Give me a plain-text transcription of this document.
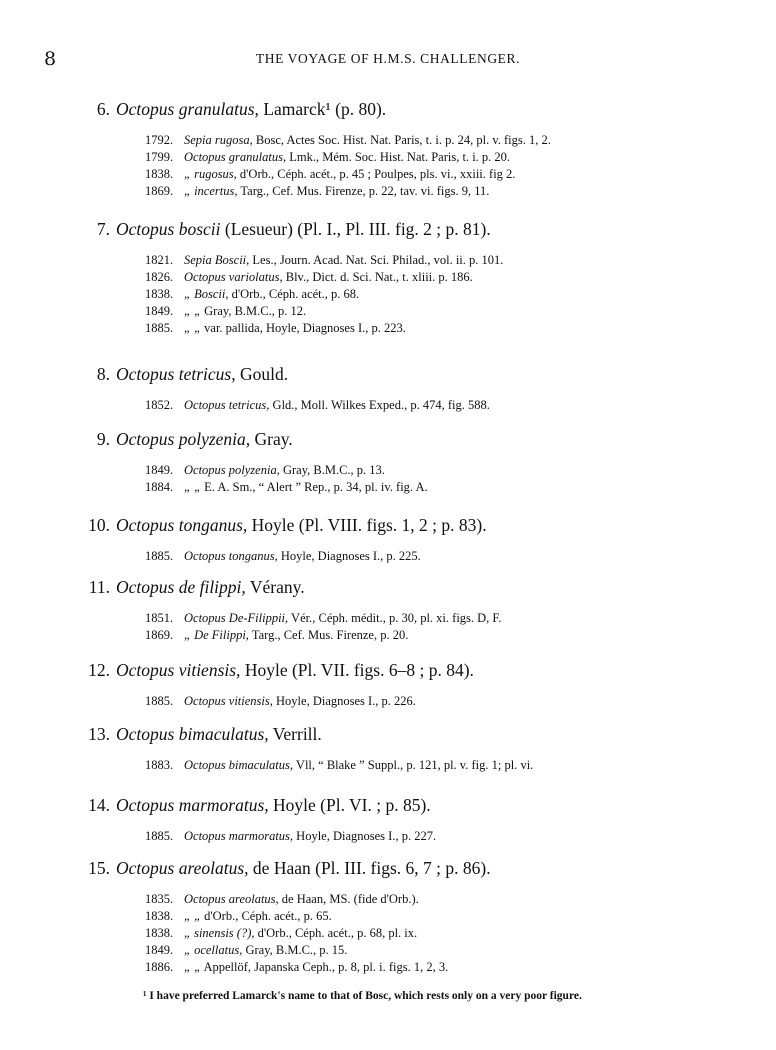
8	THE VOYAGE OF H.M.S. CHALLENGER.
6. Octopus granulatus, Lamarck¹ (p. 80).
1792. Sepia rugosa, Bosc, Actes Soc. Hist. Nat. Paris, t. i. p. 24, pl. v. figs. 1, 2.
1799. Octopus granulatus, Lmk., Mém. Soc. Hist. Nat. Paris, t. i. p. 20.
1838. „ rugosus, d'Orb., Céph. acét., p. 45 ; Poulpes, pls. vi., xxiii. fig 2.
1869. „ incertus, Targ., Cef. Mus. Firenze, p. 22, tav. vi. figs. 9, 11.
7. Octopus boscii (Lesueur) (Pl. I., Pl. III. fig. 2 ; p. 81).
1821. Sepia Boscii, Les., Journ. Acad. Nat. Sci. Philad., vol. ii. p. 101.
1826. Octopus variolatus, Blv., Dict. d. Sci. Nat., t. xliii. p. 186.
1838. „ Boscii, d'Orb., Céph. acét., p. 68.
1849. „ „ Gray, B.M.C., p. 12.
1885. „ „ var. pallida, Hoyle, Diagnoses I., p. 223.
8. Octopus tetricus, Gould.
1852. Octopus tetricus, Gld., Moll. Wilkes Exped., p. 474, fig. 588.
9. Octopus polyzenia, Gray.
1849. Octopus polyzenia, Gray, B.M.C., p. 13.
1884. „ „ E. A. Sm., “ Alert ” Rep., p. 34, pl. iv. fig. A.
10. Octopus tonganus, Hoyle (Pl. VIII. figs. 1, 2 ; p. 83).
1885. Octopus tonganus, Hoyle, Diagnoses I., p. 225.
11. Octopus de filippi, Vérany.
1851. Octopus De-Filippii, Vér., Céph. médit., p. 30, pl. xi. figs. D, F.
1869. „ De Filippi, Targ., Cef. Mus. Firenze, p. 20.
12. Octopus vitiensis, Hoyle (Pl. VII. figs. 6–8 ; p. 84).
1885. Octopus vitiensis, Hoyle, Diagnoses I., p. 226.
13. Octopus bimaculatus, Verrill.
1883. Octopus bimaculatus, Vll, “ Blake ” Suppl., p. 121, pl. v. fig. 1; pl. vi.
14. Octopus marmoratus, Hoyle (Pl. VI. ; p. 85).
1885. Octopus marmoratus, Hoyle, Diagnoses I., p. 227.
15. Octopus areolatus, de Haan (Pl. III. figs. 6, 7 ; p. 86).
1835. Octopus areolatus, de Haan, MS. (fide d'Orb.).
1838. „ „ d'Orb., Céph. acét., p. 65.
1838. „ sinensis (?), d'Orb., Céph. acét., p. 68, pl. ix.
1849. „ ocellatus, Gray, B.M.C., p. 15.
1886. „ „ Appellöf, Japanska Ceph., p. 8, pl. i. figs. 1, 2, 3.
¹ I have preferred Lamarck's name to that of Bosc, which rests only on a very poor figure.
